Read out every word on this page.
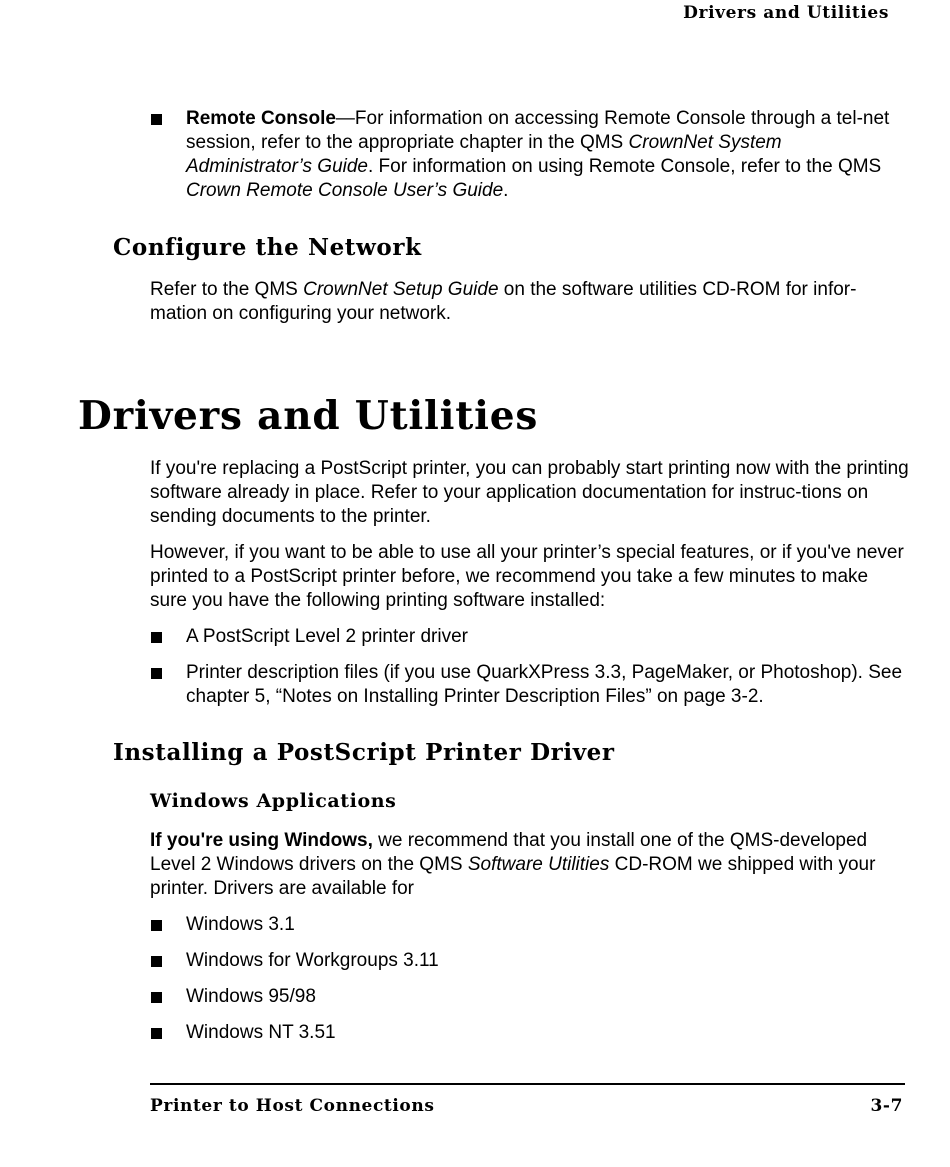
Drivers and Utilities
Remote Console—For information on accessing Remote Console through a tel-net session, refer to the appropriate chapter in the QMS CrownNet System Administrator’s Guide. For information on using Remote Console, refer to the QMS Crown Remote Console User’s Guide.
Configure the Network

Refer to the QMS CrownNet Setup Guide on the software utilities CD-ROM for infor-mation on configuring your network.

Drivers and Utilities

If you're replacing a PostScript printer, you can probably start printing now with the printing software already in place. Refer to your application documentation for instruc-tions on sending documents to the printer.

However, if you want to be able to use all your printer’s special features, or if you've never printed to a PostScript printer before, we recommend you take a few minutes to make sure you have the following printing software installed:

A PostScript Level 2 printer driver
Printer description files (if you use QuarkXPress 3.3, PageMaker, or Photoshop). See chapter 5, “Notes on Installing Printer Description Files” on page 3-2.
Installing a PostScript Printer Driver
Windows Applications

If you're using Windows, we recommend that you install one of the QMS-developed Level 2 Windows drivers on the QMS Software Utilities CD-ROM we shipped with your printer. Drivers are available for

Windows 3.1
Windows for Workgroups 3.11
Windows 95/98
Windows NT 3.51
Printer to Host Connections	3-7
